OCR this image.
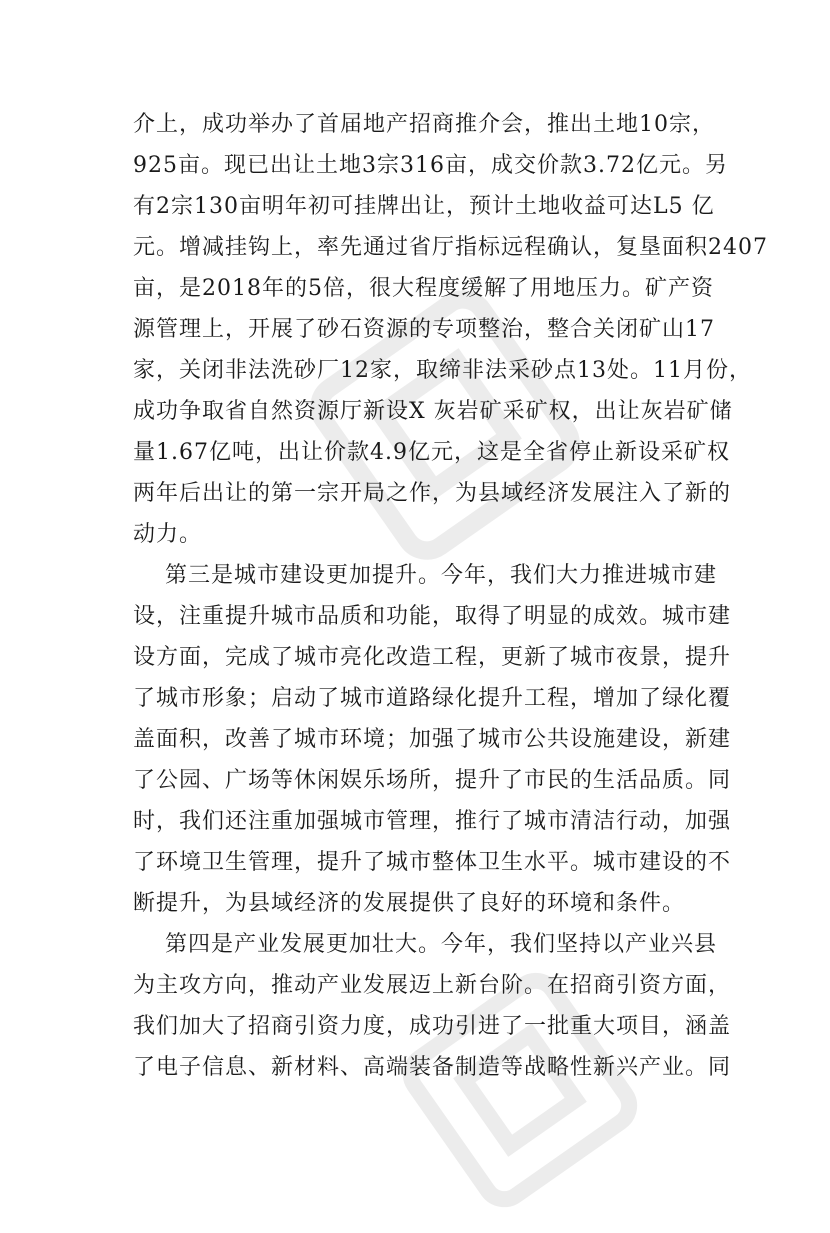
介上，成功举办了首届地产招商推介会，推出土地10宗，
925亩。现已出让土地3宗316亩，成交价款3.72亿元。另
有2宗130亩明年初可挂牌出让，预计土地收益可达L5 亿
元。增减挂钩上，率先通过省厅指标远程确认，复垦面积2407
亩，是2018年的5倍，很大程度缓解了用地压力。矿产资
源管理上，开展了砂石资源的专项整治，整合关闭矿山17
家，关闭非法洗砂厂12家，取缔非法采砂点13处。11月份，
成功争取省自然资源厅新设X 灰岩矿采矿权，出让灰岩矿储
量1.67亿吨，出让价款4.9亿元，这是全省停止新设采矿权
两年后出让的第一宗开局之作，为县域经济发展注入了新的
动力。
第三是城市建设更加提升。今年，我们大力推进城市建
设，注重提升城市品质和功能，取得了明显的成效。城市建
设方面，完成了城市亮化改造工程，更新了城市夜景，提升
了城市形象；启动了城市道路绿化提升工程，增加了绿化覆
盖面积，改善了城市环境；加强了城市公共设施建设，新建
了公园、广场等休闲娱乐场所，提升了市民的生活品质。同
时，我们还注重加强城市管理，推行了城市清洁行动，加强
了环境卫生管理，提升了城市整体卫生水平。城市建设的不
断提升，为县域经济的发展提供了良好的环境和条件。
第四是产业发展更加壮大。今年，我们坚持以产业兴县
为主攻方向，推动产业发展迈上新台阶。在招商引资方面，
我们加大了招商引资力度，成功引进了一批重大项目，涵盖
了电子信息、新材料、高端装备制造等战略性新兴产业。同
